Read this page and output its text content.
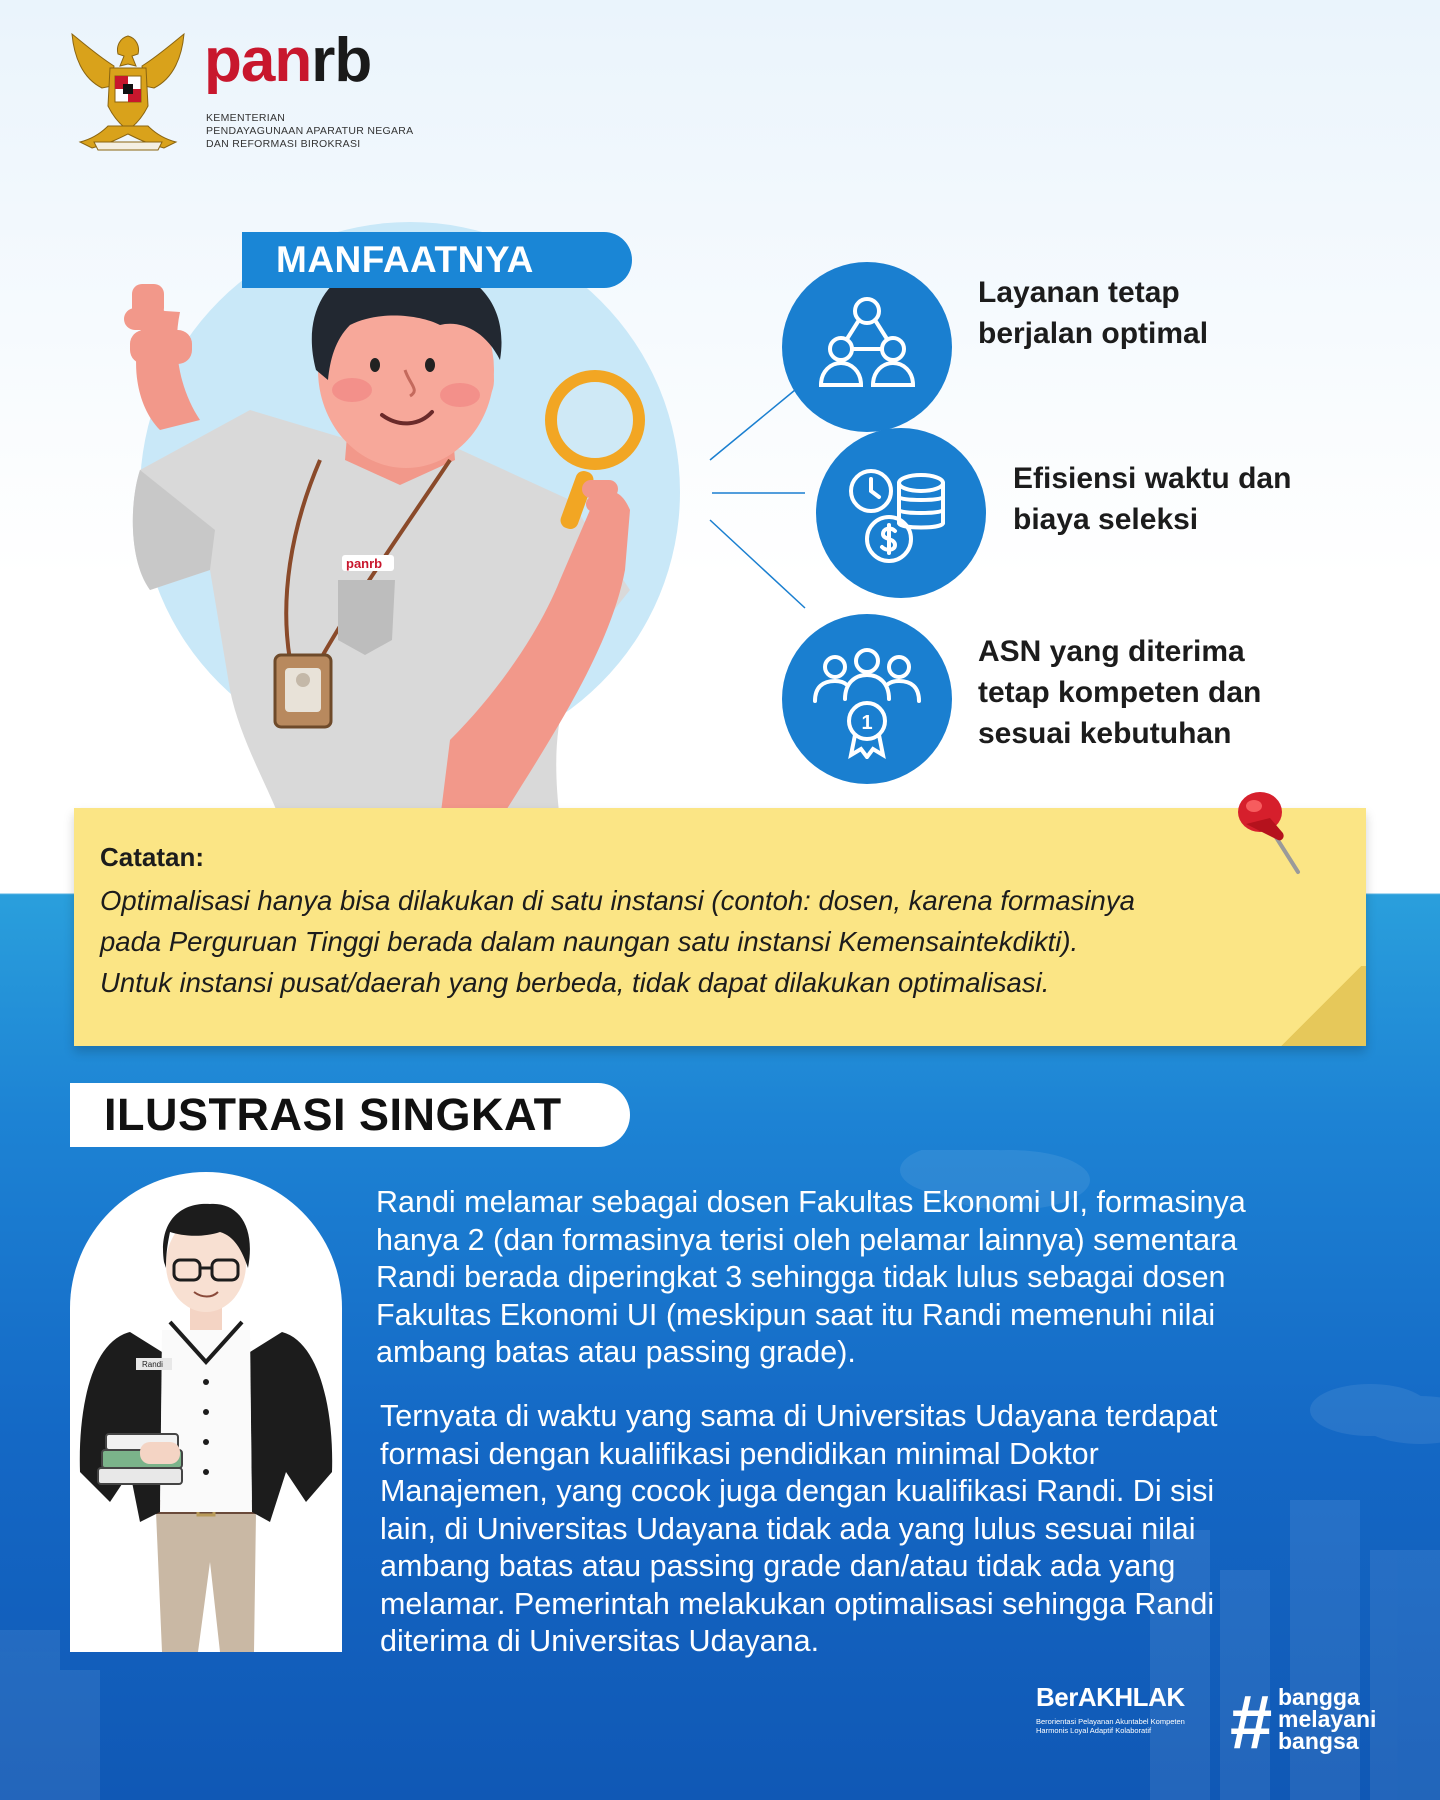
panrb
KEMENTERIAN
PENDAYAGUNAAN APARATUR NEGARA
DAN REFORMASI BIROKRASI
panrb
MANFAATNYA
Layanan tetap
berjalan optimal
Efisiensi waktu dan
biaya seleksi
1
ASN yang diterima
tetap kompeten dan
sesuai kebutuhan
Catatan:
Optimalisasi hanya bisa dilakukan di satu instansi (contoh: dosen, karena formasinya
pada Perguruan Tinggi berada dalam naungan satu instansi Kemensaintekdikti).
Untuk instansi pusat/daerah yang berbeda, tidak dapat dilakukan optimalisasi.
ILUSTRASI SINGKAT
Randi
Randi melamar sebagai dosen Fakultas Ekonomi UI, formasinya
hanya 2 (dan formasinya terisi oleh pelamar lainnya) sementara
Randi berada diperingkat 3 sehingga tidak lulus sebagai dosen
Fakultas Ekonomi UI (meskipun saat itu Randi memenuhi nilai
ambang batas atau passing grade).
Ternyata di waktu yang sama di Universitas Udayana terdapat
formasi dengan kualifikasi pendidikan minimal Doktor
Manajemen, yang cocok juga dengan kualifikasi Randi. Di sisi
lain, di Universitas Udayana tidak ada yang lulus sesuai nilai
ambang batas atau passing grade dan/atau tidak ada yang
melamar. Pemerintah melakukan optimalisasi sehingga Randi
diterima di Universitas Udayana.
BerAKHLAK
Berorientasi Pelayanan Akuntabel Kompeten
Harmonis Loyal Adaptif Kolaboratif	# bangga
melayani
bangsa
